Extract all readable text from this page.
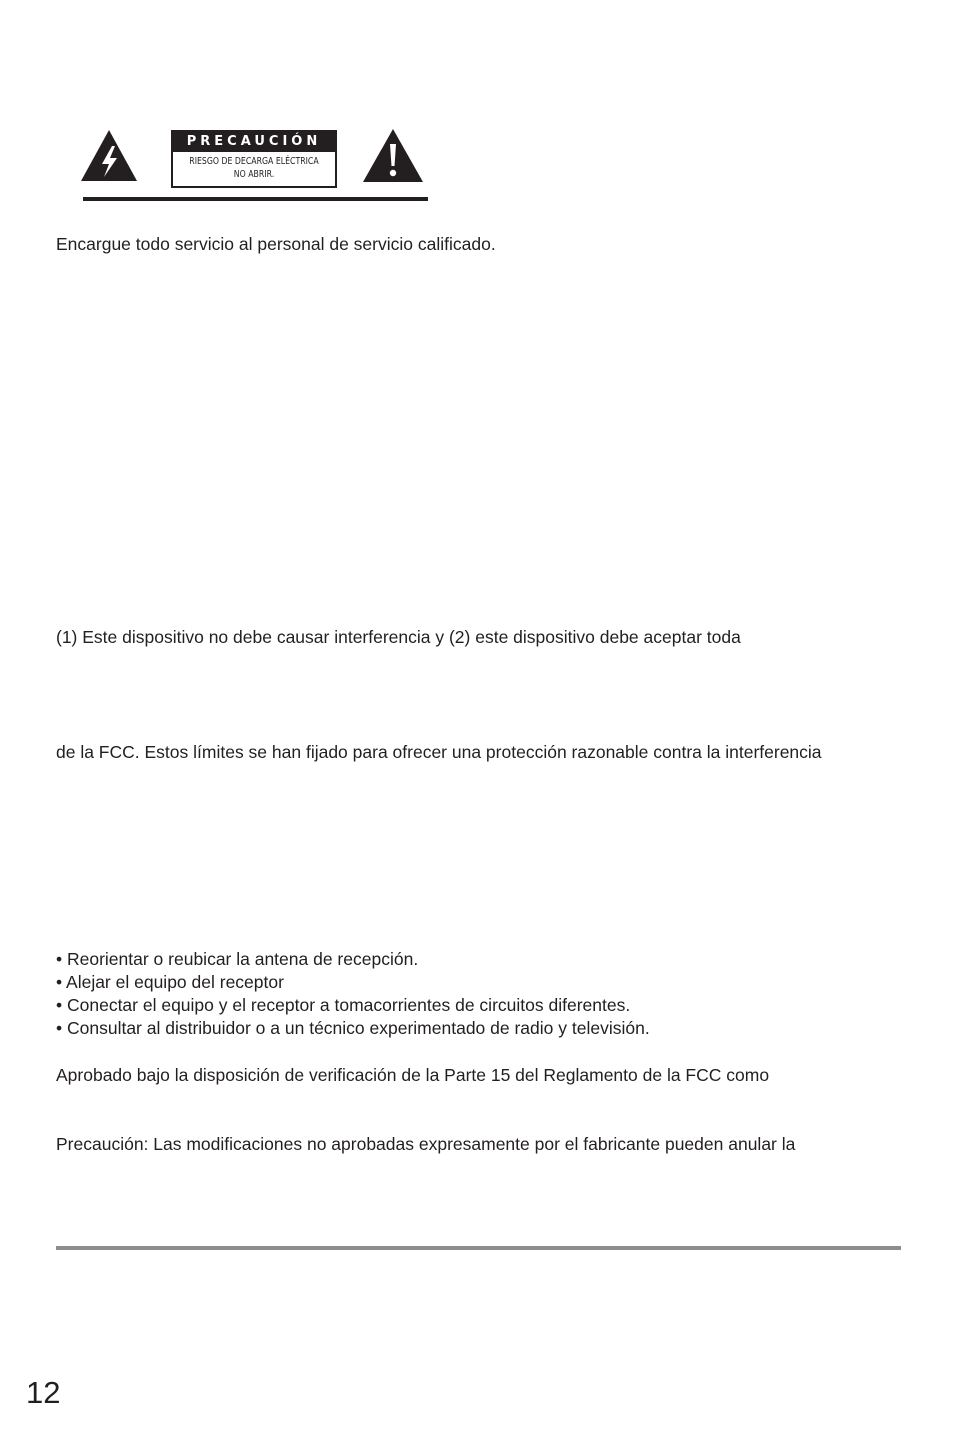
PRECAUCIÓN
RIESGO DE DECARGA ELÉCTRICA
NO ABRIR.
Encargue todo servicio al personal de servicio calificado.
(1) Este dispositivo no debe causar interferencia y (2) este dispositivo debe aceptar toda
de la FCC. Estos límites se han fijado para ofrecer una protección razonable contra la interferencia
• Reorientar o reubicar la antena de recepción.
• Alejar el equipo del receptor
• Conectar el equipo y el receptor a tomacorrientes de circuitos diferentes.
• Consultar al distribuidor o a un técnico experimentado de radio y televisión.
Aprobado bajo la disposición de verificación de la Parte 15 del Reglamento de la FCC como
Precaución: Las modificaciones no aprobadas expresamente por el fabricante pueden anular la
12
